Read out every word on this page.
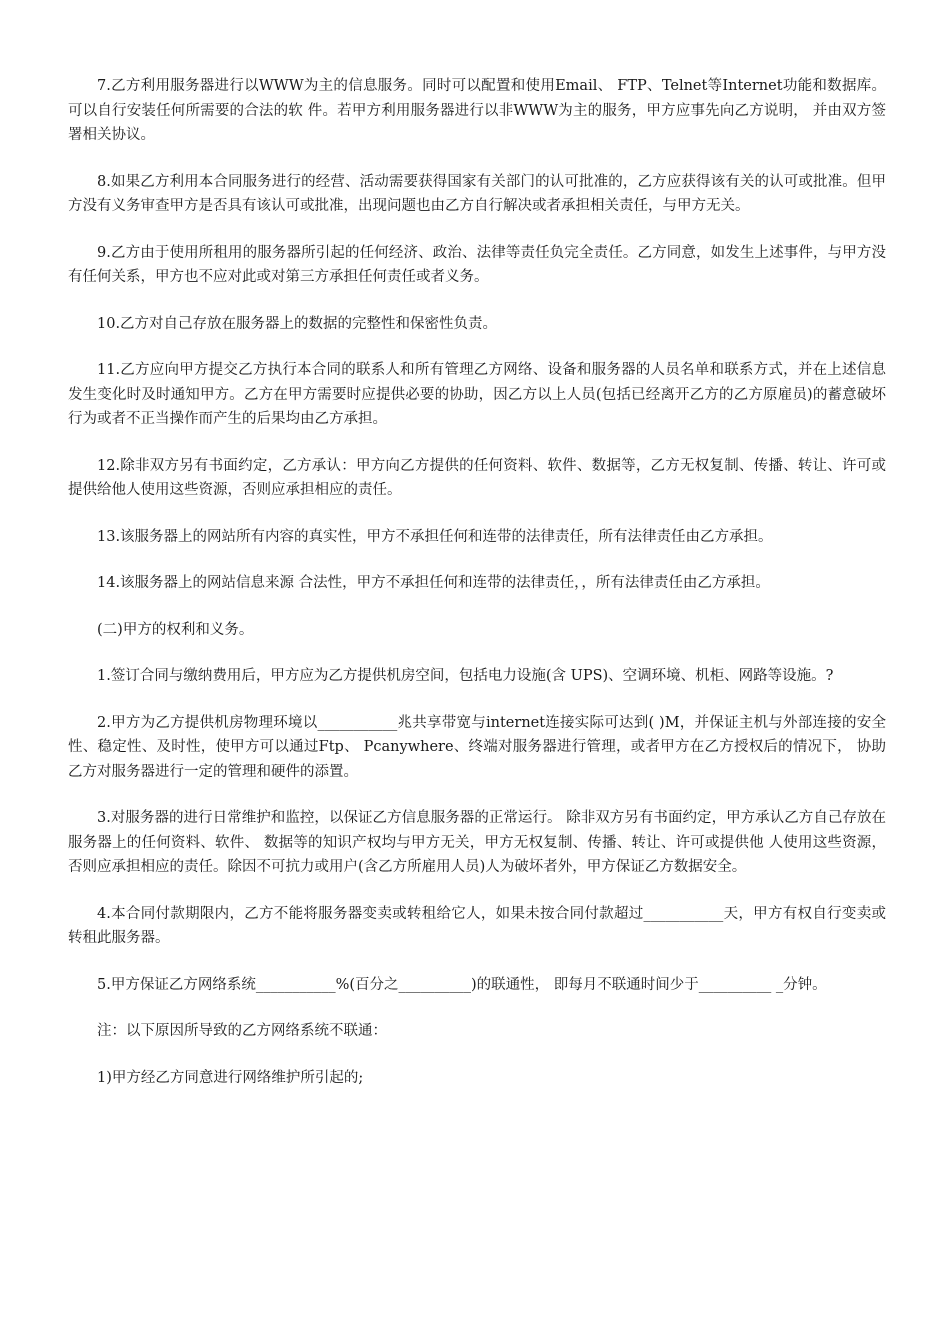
7.乙方利用服务器进行以WWW为主的信息服务。同时可以配置和使用Email、 FTP、Telnet等Internet功能和数据库。可以自行安装任何所需要的合法的软 件。若甲方利用服务器进行以非WWW为主的服务，甲方应事先向乙方说明， 并由双方签署相关协议。

8.如果乙方利用本合同服务进行的经营、活动需要获得国家有关部门的认可批准的，乙方应获得该有关的认可或批准。但甲方没有义务审查甲方是否具有该认可或批准，出现问题也由乙方自行解决或者承担相关责任，与甲方无关。

9.乙方由于使用所租用的服务器所引起的任何经济、政治、法律等责任负完全责任。乙方同意，如发生上述事件，与甲方没有任何关系，甲方也不应对此或对第三方承担任何责任或者义务。

10.乙方对自己存放在服务器上的数据的完整性和保密性负责。

11.乙方应向甲方提交乙方执行本合同的联系人和所有管理乙方网络、设备和服务器的人员名单和联系方式，并在上述信息发生变化时及时通知甲方。乙方在甲方需要时应提供必要的协助，因乙方以上人员(包括已经离开乙方的乙方原雇员)的蓄意破坏行为或者不正当操作而产生的后果均由乙方承担。

12.除非双方另有书面约定，乙方承认：甲方向乙方提供的任何资料、软件、数据等，乙方无权复制、传播、转让、许可或提供给他人使用这些资源，否则应承担相应的责任。

13.该服务器上的网站所有内容的真实性，甲方不承担任何和连带的法律责任，所有法律责任由乙方承担。

14.该服务器上的网站信息来源 合法性，甲方不承担任何和连带的法律责任，，所有法律责任由乙方承担。

(二)甲方的权利和义务。

1.签订合同与缴纳费用后，甲方应为乙方提供机房空间，包括电力设施(含 UPS)、空调环境、机柜、网路等设施。?

2.甲方为乙方提供机房物理环境以___________兆共享带宽与internet连接实际可达到( )M，并保证主机与外部连接的安全性、稳定性、及时性，使甲方可以通过Ftp、 Pcanywhere、终端对服务器进行管理，或者甲方在乙方授权后的情况下， 协助乙方对服务器进行一定的管理和硬件的添置。

3.对服务器的进行日常维护和监控，以保证乙方信息服务器的正常运行。 除非双方另有书面约定，甲方承认乙方自己存放在服务器上的任何资料、软件、 数据等的知识产权均与甲方无关，甲方无权复制、传播、转让、许可或提供他 人使用这些资源，否则应承担相应的责任。除因不可抗力或用户(含乙方所雇用人员)人为破坏者外，甲方保证乙方数据安全。

4.本合同付款期限内，乙方不能将服务器变卖或转租给它人，如果未按合同付款超过___________天，甲方有权自行变卖或转租此服务器。

5.甲方保证乙方网络系统___________%(百分之__________)的联通性， 即每月不联通时间少于__________ _分钟。

注：以下原因所导致的乙方网络系统不联通：

1)甲方经乙方同意进行网络维护所引起的;
